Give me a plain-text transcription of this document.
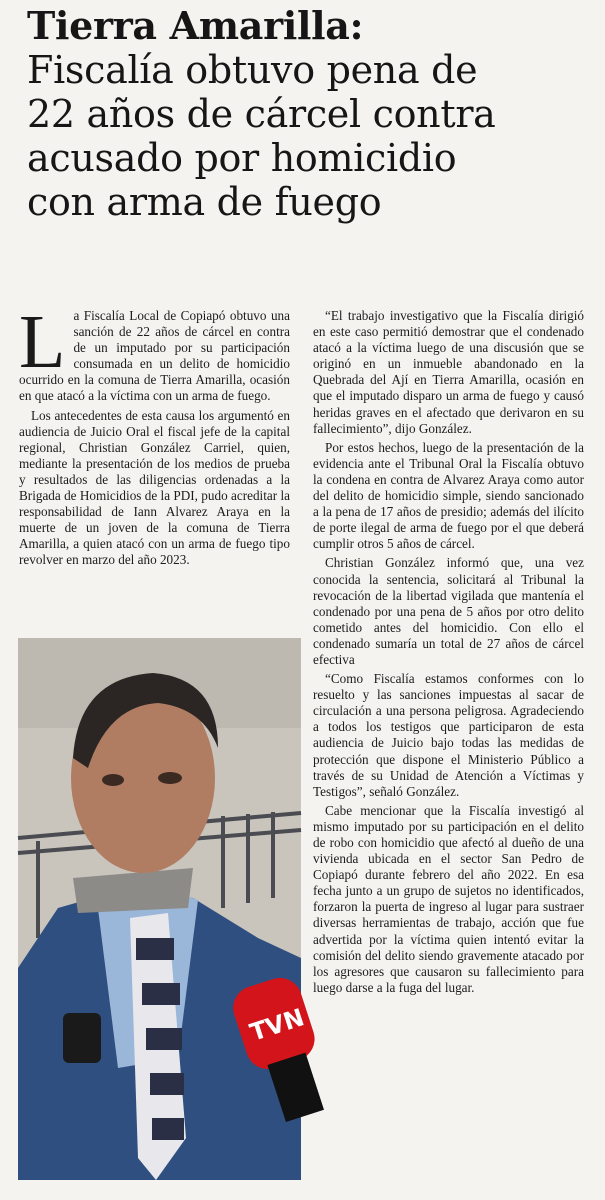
Tierra Amarilla:
Fiscalía obtuvo pena de
22 años de cárcel contra
acusado por homicidio
con arma de fuego

La Fiscalía Local de Copiapó obtuvo una sanción de 22 años de cárcel en contra de un imputado por su participación consumada en un delito de homicidio ocurrido en la comuna de Tierra Amarilla, ocasión en que atacó a la víctima con un arma de fuego.

Los antecedentes de esta causa los argumentó en audiencia de Juicio Oral el fiscal jefe de la capital regional, Christian González Carriel, quien, mediante la presentación de los medios de prueba y resultados de las diligencias ordenadas a la Brigada de Homicidios de la PDI, pudo acreditar la responsabilidad de Iann Alvarez Araya en la muerte de un joven de la comuna de Tierra Amarilla, a quien atacó con un arma de fuego tipo revolver en marzo del año 2023.

“El trabajo investigativo que la Fiscalía dirigió en este caso permitió demostrar que el condenado atacó a la víctima luego de una discusión que se originó en un inmueble abandonado en la Quebrada del Ají en Tierra Amarilla, ocasión en que el imputado disparo un arma de fuego y causó heridas graves en el afectado que derivaron en su fallecimiento”, dijo González.

Por estos hechos, luego de la presentación de la evidencia ante el Tribunal Oral la Fiscalía obtuvo la condena en contra de Alvarez Araya como autor del delito de homicidio simple, siendo sancionado a la pena de 17 años de presidio; además del ilícito de porte ilegal de arma de fuego por el que deberá cumplir otros 5 años de cárcel.

Christian González informó que, una vez conocida la sentencia, solicitará al Tribunal la revocación de la libertad vigilada que mantenía el condenado por una pena de 5 años por otro delito cometido antes del homicidio. Con ello el condenado sumaría un total de 27 años de cárcel efectiva

“Como Fiscalía estamos conformes con lo resuelto y las sanciones impuestas al sacar de circulación a una persona peligrosa. Agradeciendo a todos los testigos que participaron de esta audiencia de Juicio bajo todas las medidas de protección que dispone el Ministerio Público a través de su Unidad de Atención a Víctimas y Testigos”, señaló González.

Cabe mencionar que la Fiscalía investigó al mismo imputado por su participación en el delito de robo con homicidio que afectó al dueño de una vivienda ubicada en el sector San Pedro de Copiapó durante febrero del año 2022. En esa fecha junto a un grupo de sujetos no identificados, forzaron la puerta de ingreso al lugar para sustraer diversas herramientas de trabajo, acción que fue advertida por la víctima quien intentó evitar la comisión del delito siendo gravemente atacado por los agresores que causaron su fallecimiento para luego darse a la fuga del lugar.

TVN
